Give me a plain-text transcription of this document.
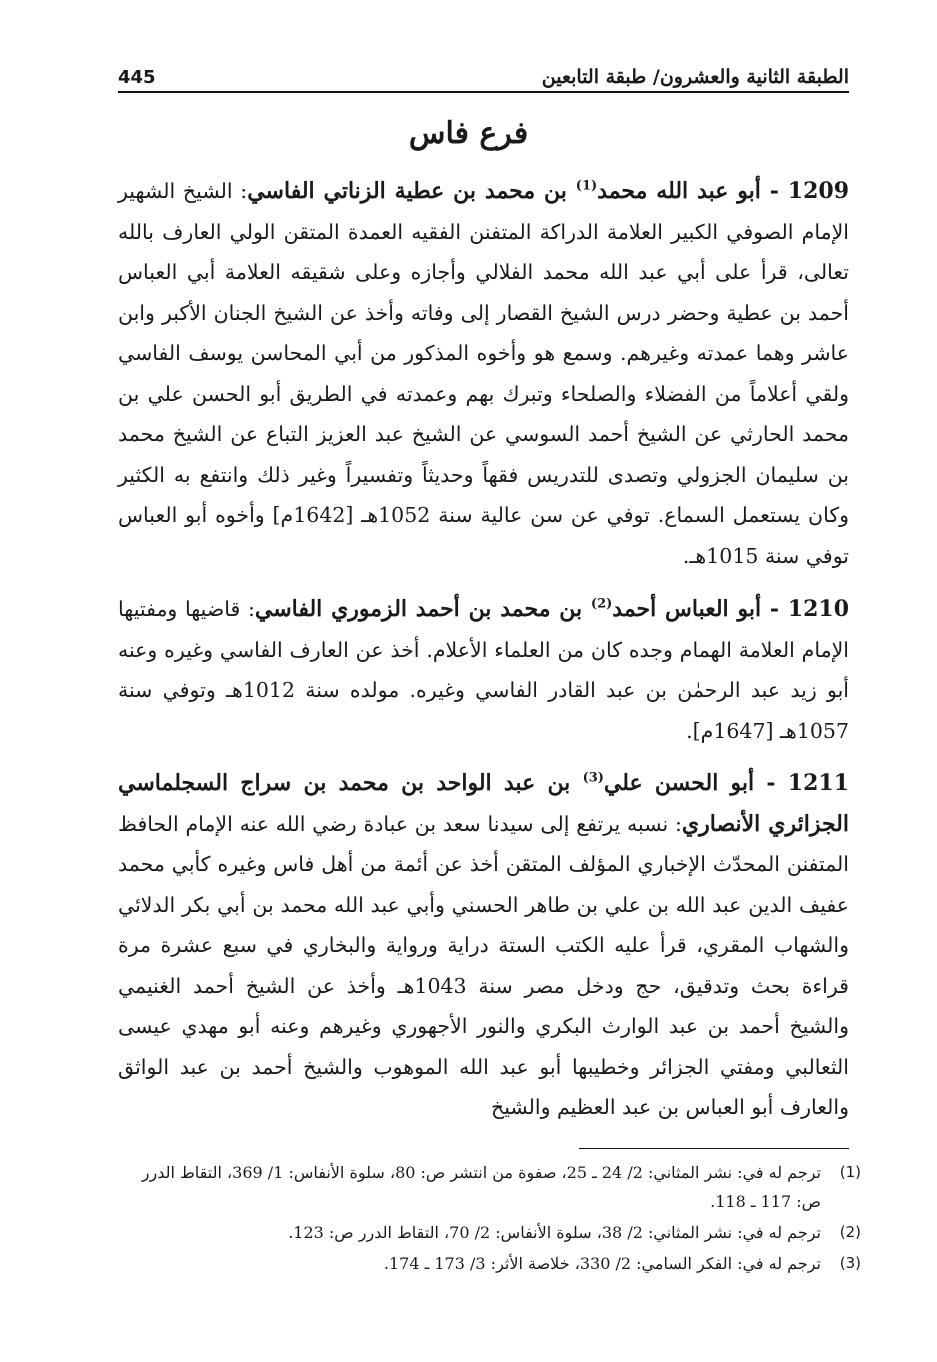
الطبقة الثانية والعشرون/ طبقة التابعين
445
فرع فاس

1209 - أبو عبد الله محمد$^{(1)}$ بن محمد بن عطية الزناتي الفاسي: الشيخ الشهير الإمام الصوفي الكبير العلامة الدراكة المتفنن الفقيه العمدة المتقن الولي العارف بالله تعالى، قرأ على أبي عبد الله محمد الفلالي وأجازه وعلى شقيقه العلامة أبي العباس أحمد بن عطية وحضر درس الشيخ القصار إلى وفاته وأخذ عن الشيخ الجنان الأكبر وابن عاشر وهما عمدته وغيرهم. وسمع هو وأخوه المذكور من أبي المحاسن يوسف الفاسي ولقي أعلاماً من الفضلاء والصلحاء وتبرك بهم وعمدته في الطريق أبو الحسن علي بن محمد الحارثي عن الشيخ أحمد السوسي عن الشيخ عبد العزيز التباع عن الشيخ محمد بن سليمان الجزولي وتصدى للتدريس فقهاً وحديثاً وتفسيراً وغير ذلك وانتفع به الكثير وكان يستعمل السماع. توفي عن سن عالية سنة 1052هـ [1642م] وأخوه أبو العباس توفي سنة 1015هـ.

1210 - أبو العباس أحمد$^{(2)}$ بن محمد بن أحمد الزموري الفاسي: قاضيها ومفتيها الإمام العلامة الهمام وجده كان من العلماء الأعلام. أخذ عن العارف الفاسي وغيره وعنه أبو زيد عبد الرحمٰن بن عبد القادر الفاسي وغيره. مولده سنة 1012هـ وتوفي سنة 1057هـ [1647م].

1211 - أبو الحسن علي$^{(3)}$ بن عبد الواحد بن محمد بن سراج السجلماسي الجزائري الأنصاري: نسبه يرتفع إلى سيدنا سعد بن عبادة رضي الله عنه الإمام الحافظ المتفنن المحدّث الإخباري المؤلف المتقن أخذ عن أئمة من أهل فاس وغيره كأبي محمد عفيف الدين عبد الله بن علي بن طاهر الحسني وأبي عبد الله محمد بن أبي بكر الدلائي والشهاب المقري، قرأ عليه الكتب الستة دراية ورواية والبخاري في سبع عشرة مرة قراءة بحث وتدقيق، حج ودخل مصر سنة 1043هـ وأخذ عن الشيخ أحمد الغنيمي والشيخ أحمد بن عبد الوارث البكري والنور الأجهوري وغيرهم وعنه أبو مهدي عيسى الثعالبي ومفتي الجزائر وخطيبها أبو عبد الله الموهوب والشيخ أحمد بن عبد الواثق والعارف أبو العباس بن عبد العظيم والشيخ

(1)
ترجم له في: نشر المثاني: 2/ 24 ـ 25، صفوة من انتشر ص: 80، سلوة الأنفاس: 1/ 369، التقاط الدرر ص: 117 ـ 118.
(2)
ترجم له في: نشر المثاني: 2/ 38، سلوة الأنفاس: 2/ 70، التقاط الدرر ص: 123.
(3)
ترجم له في: الفكر السامي: 2/ 330، خلاصة الأثر: 3/ 173 ـ 174.
